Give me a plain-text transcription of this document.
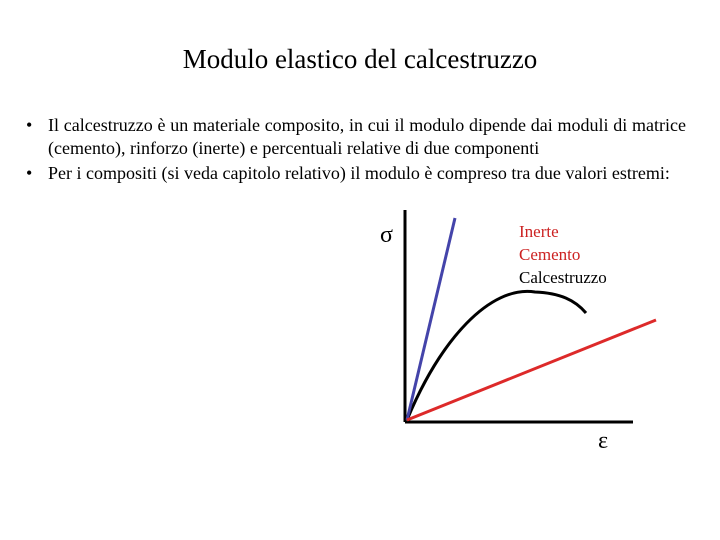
Modulo elastico del calcestruzzo
• Il calcestruzzo è un materiale composito, in cui il modulo dipende dai moduli di matrice (cemento), rinforzo (inerte) e percentuali relative di due componenti
• Per i compositi (si veda capitolo relativo) il modulo è compreso tra due valori estremi:
σ
ε
Inerte
Cemento
Calcestruzzo
